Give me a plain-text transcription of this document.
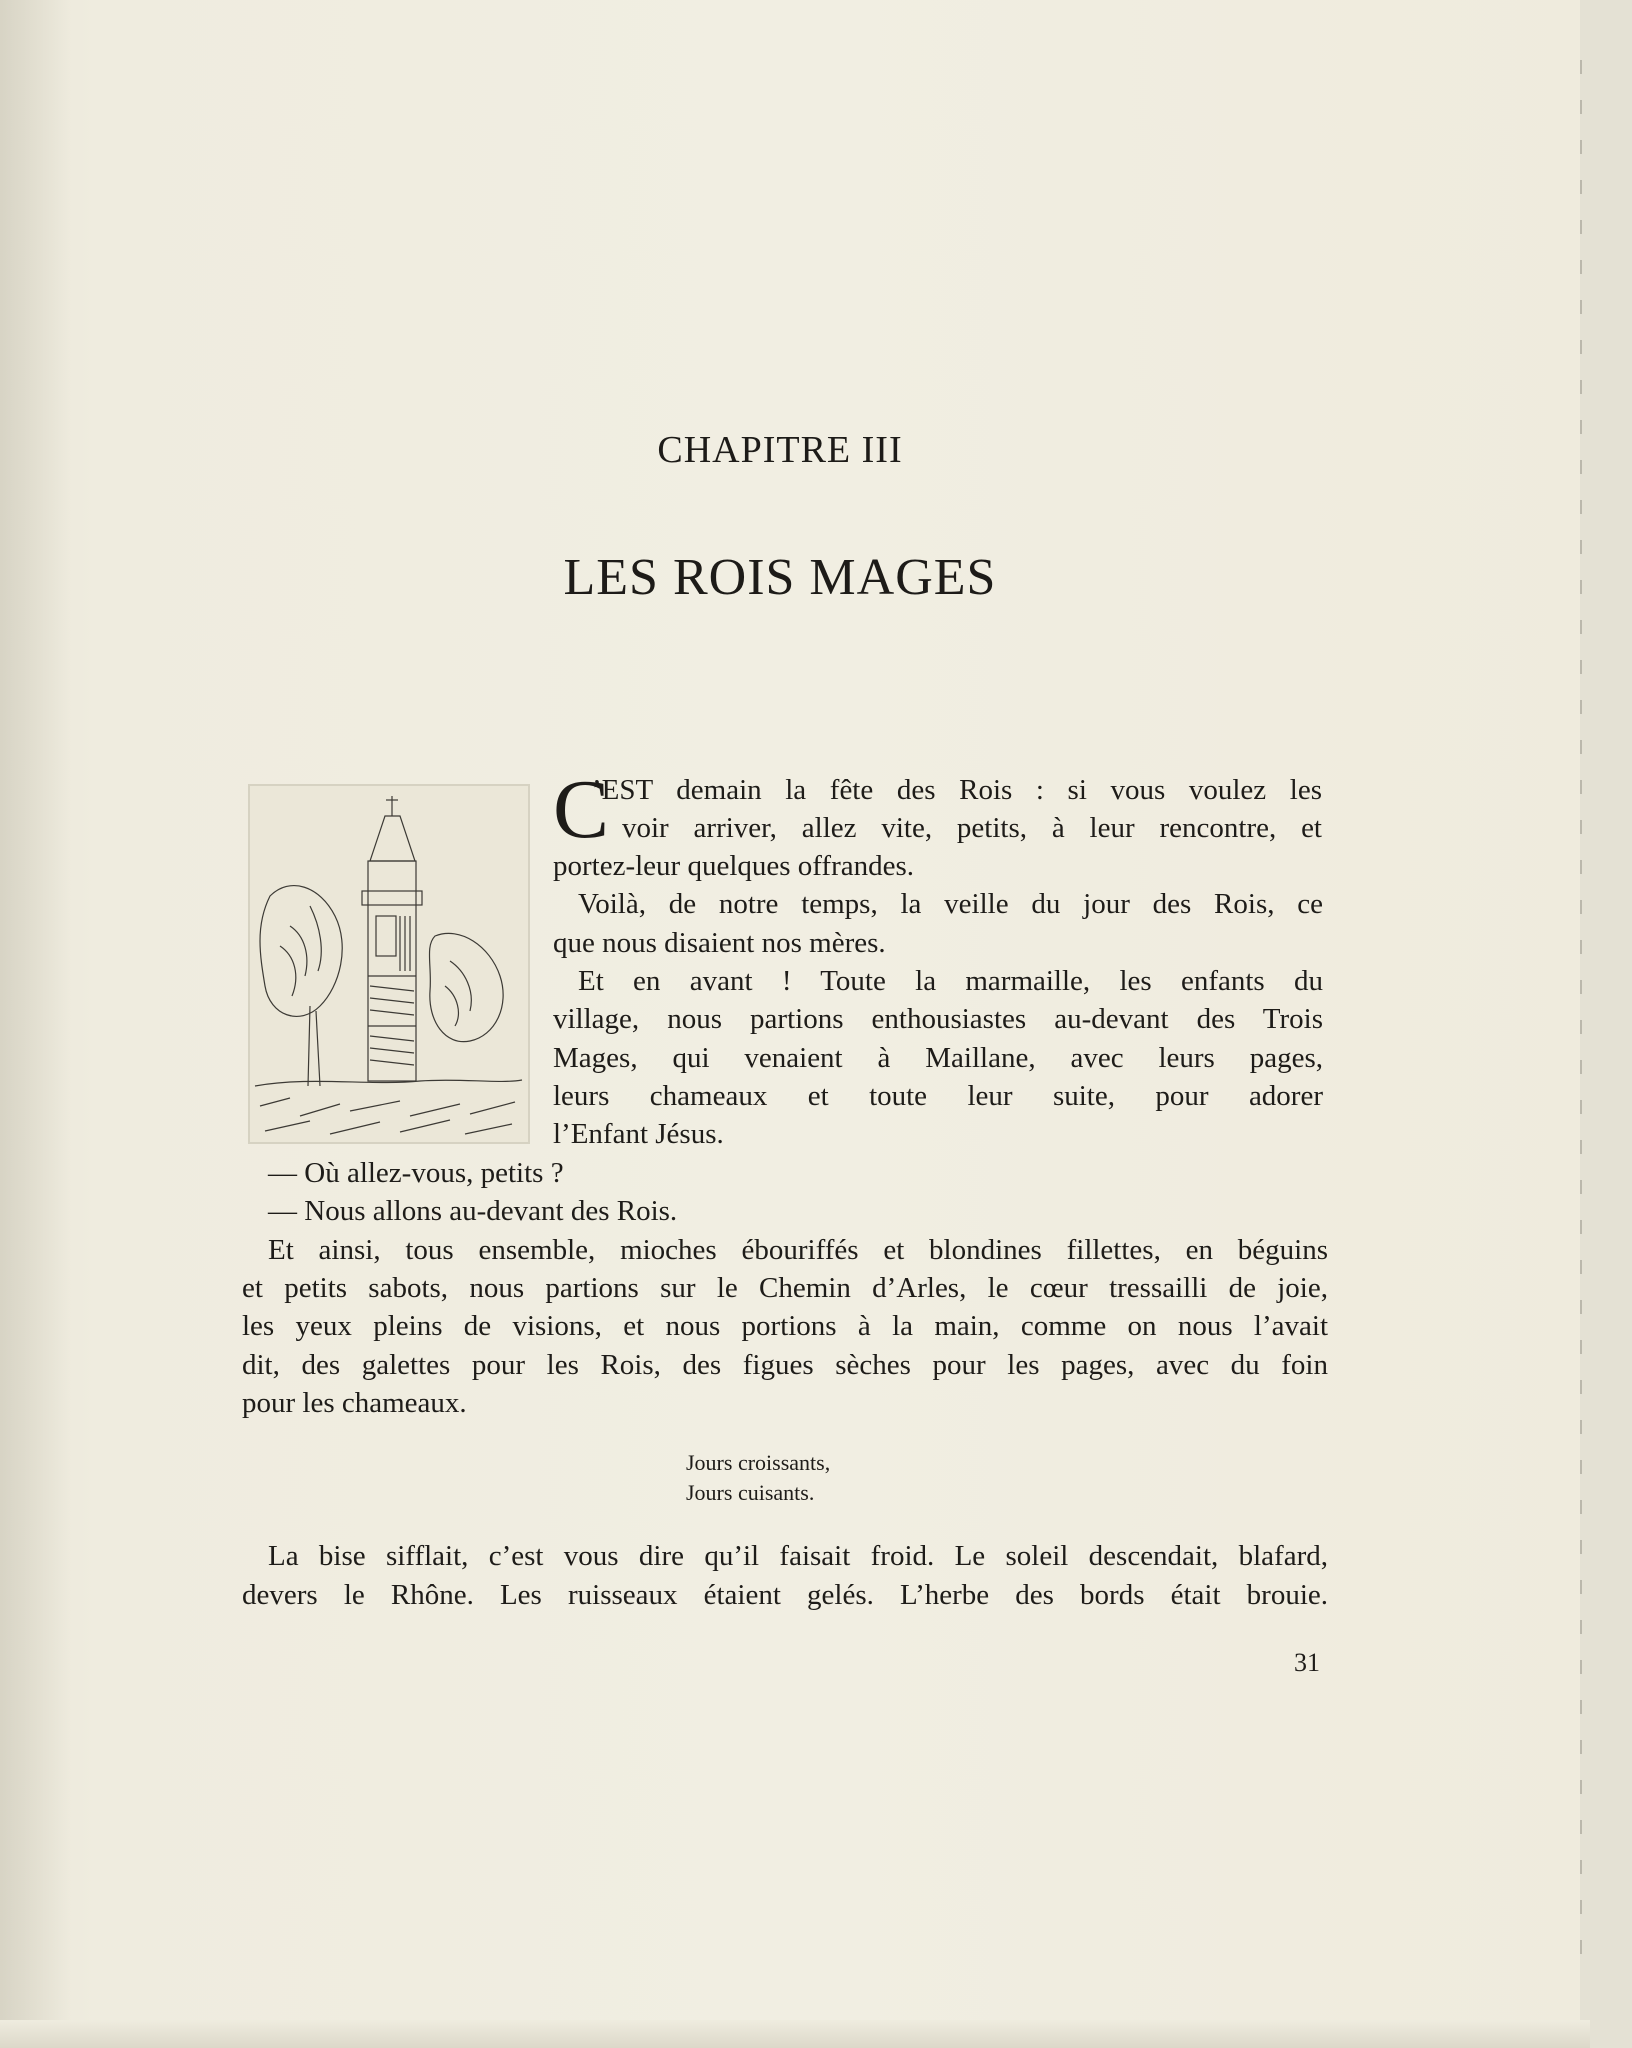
CHAPITRE III
LES ROIS MAGES
C
’EST demain la fête des Rois : si vous voulez les
voir arriver, allez vite, petits, à leur rencontre, et
portez-leur quelques offrandes.
Voilà, de notre temps, la veille du jour des Rois, ce
que nous disaient nos mères.
Et en avant ! Toute la marmaille, les enfants du
village, nous partions enthousiastes au-devant des Trois
Mages, qui venaient à Maillane, avec leurs pages,
leurs chameaux et toute leur suite, pour adorer
l’Enfant Jésus.
— Où allez-vous, petits ?
— Nous allons au-devant des Rois.
Et ainsi, tous ensemble, mioches ébouriffés et blondines fillettes, en béguins
et petits sabots, nous partions sur le Chemin d’Arles, le cœur tressailli de joie,
les yeux pleins de visions, et nous portions à la main, comme on nous l’avait
dit, des galettes pour les Rois, des figues sèches pour les pages, avec du foin
pour les chameaux.
Jours croissants,
Jours cuisants.
La bise sifflait, c’est vous dire qu’il faisait froid. Le soleil descendait, blafard,
devers le Rhône. Les ruisseaux étaient gelés. L’herbe des bords était brouie.
31
